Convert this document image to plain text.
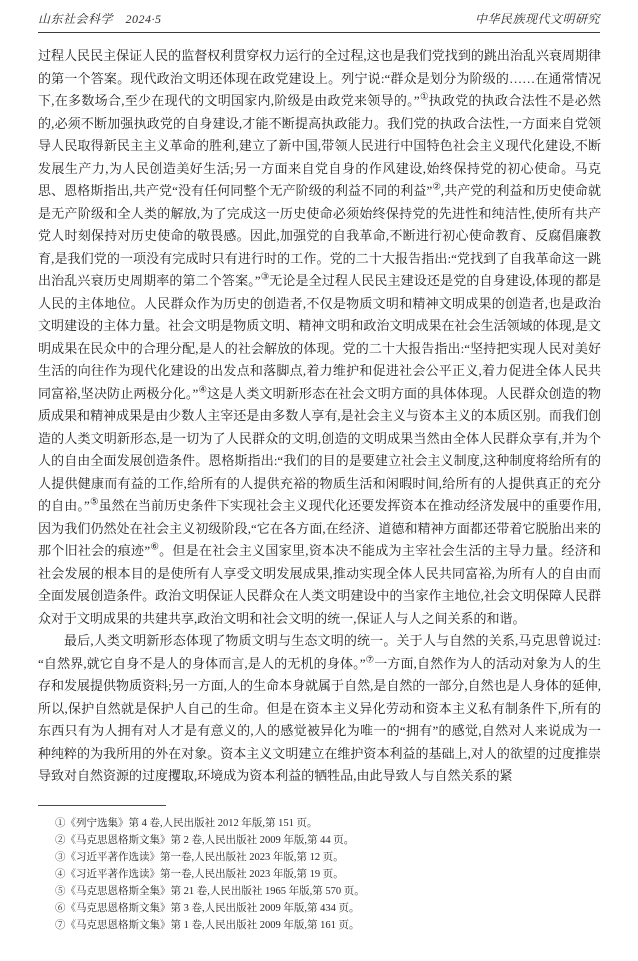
山东社会科学　2024·5	中华民族现代文明研究

过程人民民主保证人民的监督权利贯穿权力运行的全过程,这也是我们党找到的跳出治乱兴衰周期律的第一个答案。现代政治文明还体现在政党建设上。列宁说:“群众是划分为阶级的……在通常情况下,在多数场合,至少在现代的文明国家内,阶级是由政党来领导的。”①执政党的执政合法性不是必然的,必须不断加强执政党的自身建设,才能不断提高执政能力。我们党的执政合法性,一方面来自党领导人民取得新民主主义革命的胜利,建立了新中国,带领人民进行中国特色社会主义现代化建设,不断发展生产力,为人民创造美好生活;另一方面来自党自身的作风建设,始终保持党的初心使命。马克思、恩格斯指出,共产党“没有任何同整个无产阶级的利益不同的利益”②,共产党的利益和历史使命就是无产阶级和全人类的解放,为了完成这一历史使命必须始终保持党的先进性和纯洁性,使所有共产党人时刻保持对历史使命的敬畏感。因此,加强党的自我革命,不断进行初心使命教育、反腐倡廉教育,是我们党的一项没有完成时只有进行时的工作。党的二十大报告指出:“党找到了自我革命这一跳出治乱兴衰历史周期率的第二个答案。”③无论是全过程人民民主建设还是党的自身建设,体现的都是人民的主体地位。人民群众作为历史的创造者,不仅是物质文明和精神文明成果的创造者,也是政治文明建设的主体力量。社会文明是物质文明、精神文明和政治文明成果在社会生活领域的体现,是文明成果在民众中的合理分配,是人的社会解放的体现。党的二十大报告指出:“坚持把实现人民对美好生活的向往作为现代化建设的出发点和落脚点,着力维护和促进社会公平正义,着力促进全体人民共同富裕,坚决防止两极分化。”④这是人类文明新形态在社会文明方面的具体体现。人民群众创造的物质成果和精神成果是由少数人主宰还是由多数人享有,是社会主义与资本主义的本质区别。而我们创造的人类文明新形态,是一切为了人民群众的文明,创造的文明成果当然由全体人民群众享有,并为个人的自由全面发展创造条件。恩格斯指出:“我们的目的是要建立社会主义制度,这种制度将给所有的人提供健康而有益的工作,给所有的人提供充裕的物质生活和闲暇时间,给所有的人提供真正的充分的自由。”⑤虽然在当前历史条件下实现社会主义现代化还要发挥资本在推动经济发展中的重要作用,因为我们仍然处在社会主义初级阶段,“它在各方面,在经济、道德和精神方面都还带着它脱胎出来的那个旧社会的痕迹”⑥。但是在社会主义国家里,资本决不能成为主宰社会生活的主导力量。经济和社会发展的根本目的是使所有人享受文明发展成果,推动实现全体人民共同富裕,为所有人的自由而全面发展创造条件。政治文明保证人民群众在人类文明建设中的当家作主地位,社会文明保障人民群众对于文明成果的共建共享,政治文明和社会文明的统一,保证人与人之间关系的和谐。

最后,人类文明新形态体现了物质文明与生态文明的统一。关于人与自然的关系,马克思曾说过:“自然界,就它自身不是人的身体而言,是人的无机的身体。”⑦一方面,自然作为人的活动对象为人的生存和发展提供物质资料;另一方面,人的生命本身就属于自然,是自然的一部分,自然也是人身体的延伸,所以,保护自然就是保护人自己的生命。但是在资本主义异化劳动和资本主义私有制条件下,所有的东西只有为人拥有对人才是有意义的,人的感觉被异化为唯一的“拥有”的感觉,自然对人来说成为一种纯粹的为我所用的外在对象。资本主义文明建立在维护资本利益的基础上,对人的欲望的过度推崇导致对自然资源的过度攫取,环境成为资本利益的牺牲品,由此导致人与自然关系的紧

①《列宁选集》第 4 卷,人民出版社 2012 年版,第 151 页。
②《马克思恩格斯文集》第 2 卷,人民出版社 2009 年版,第 44 页。
③《习近平著作选读》第一卷,人民出版社 2023 年版,第 12 页。
④《习近平著作选读》第一卷,人民出版社 2023 年版,第 19 页。
⑤《马克思恩格斯全集》第 21 卷,人民出版社 1965 年版,第 570 页。
⑥《马克思恩格斯文集》第 3 卷,人民出版社 2009 年版,第 434 页。
⑦《马克思恩格斯文集》第 1 卷,人民出版社 2009 年版,第 161 页。
